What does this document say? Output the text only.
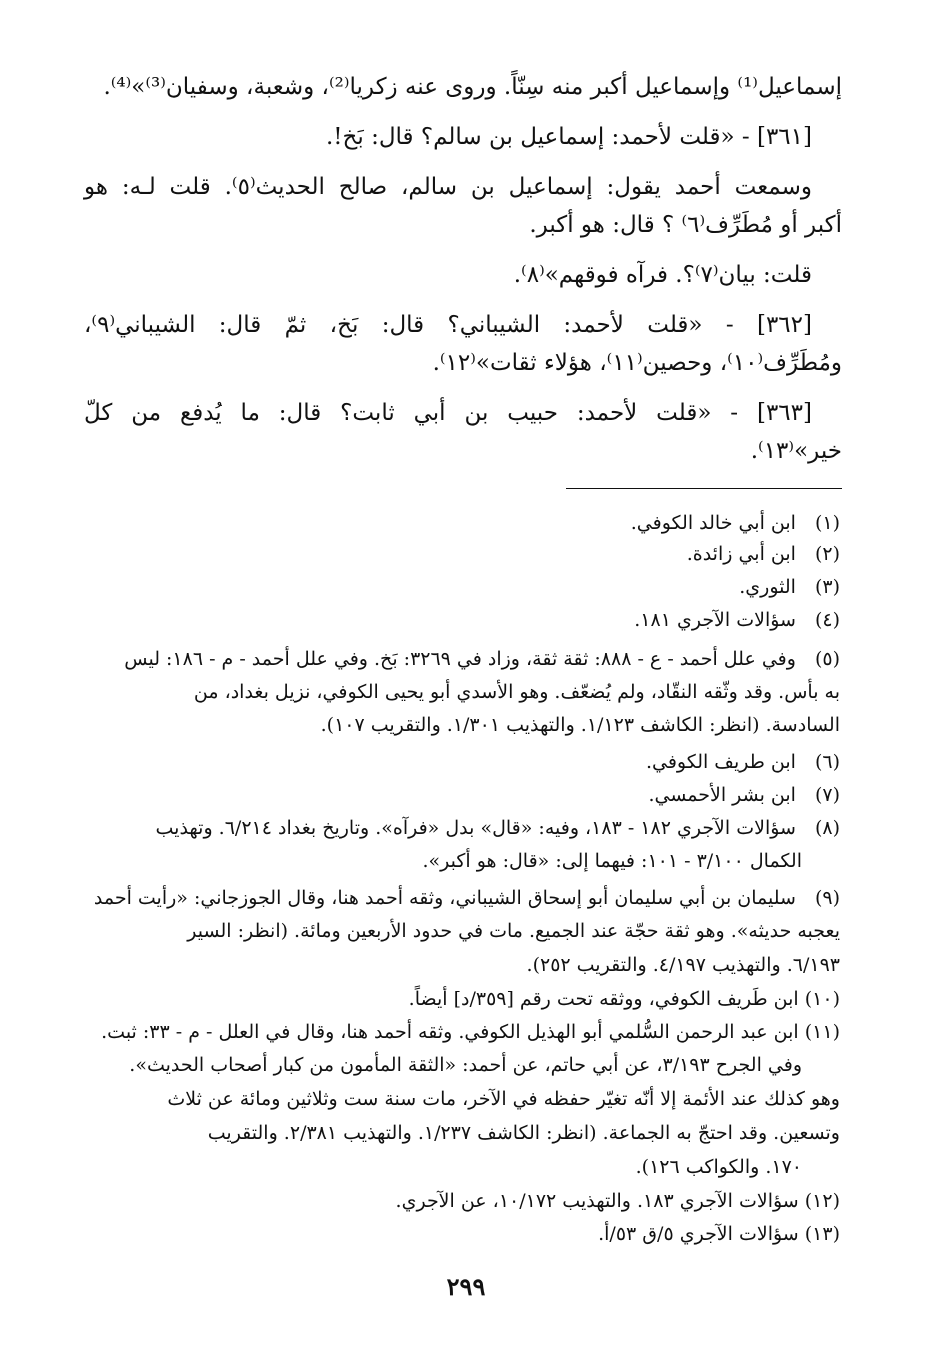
إسماعيل⁽¹⁾ وإسماعيل أكبر منه سِنّاً. وروى عنه زكريا⁽²⁾، وشعبة، وسفيان⁽³⁾»⁽⁴⁾.
[٣٦١] - «قلت لأحمد: إسماعيل بن سالم؟ قال: بَخ!.
وسمعت أحمد يقول: إسماعيل بن سالم، صالح الحديث⁽٥⁾. قلت لـه: هو
أكبر أو مُطَرِّف⁽٦⁾ ؟ قال: هو أكبر.
قلت: بيان⁽٧⁾؟. فرآه فوقهم»⁽٨⁾.
[٣٦٢] - «قلت لأحمد: الشيباني؟ قال: بَخ، ثمّ قال: الشيباني⁽٩⁾،
ومُطَرِّف⁽١٠⁾، وحصين⁽١١⁾، هؤلاء ثقات»⁽١٢⁾.
[٣٦٣] - «قلت لأحمد: حبيب بن أبي ثابت؟ قال: ما يُدفع من كلّ
خير»⁽١٣⁾.
(١) ابن أبي خالد الكوفي.
(٢) ابن أبي زائدة.
(٣) الثوري.
(٤) سؤالات الآجري ١٨١.
(٥) وفي علل أحمد - ع - ٨٨٨: ثقة ثقة، وزاد في ٣٢٦٩: بَخ. وفي علل أحمد - م - ١٨٦: ليس
به بأس. وقد وثّقه النقّاد، ولم يُضعّف. وهو الأسدي أبو يحيى الكوفي، نزيل بغداد، من
السادسة. (انظر: الكاشف ١/١٢٣. والتهذيب ١/٣٠١. والتقريب ١٠٧).
(٦) ابن طريف الكوفي.
(٧) ابن بشر الأحمسي.
(٨) سؤالات الآجري ١٨٢ - ١٨٣، وفيه: «قال» بدل «فرآه». وتاريخ بغداد ٦/٢١٤. وتهذيب
الكمال ٣/١٠٠ - ١٠١: فيهما إلى: «قال: هو أكبر».
(٩) سليمان بن أبي سليمان أبو إسحاق الشيباني، وثقه أحمد هنا، وقال الجوزجاني: «رأيت أحمد
يعجبه حديثه». وهو ثقة حجّة عند الجميع. مات في حدود الأربعين ومائة. (انظر: السير
٦/١٩٣. والتهذيب ٤/١٩٧. والتقريب ٢٥٢).
(١٠) ابن طَريف الكوفي، ووثقه تحت رقم [٣٥٩/د] أيضاً.
(١١) ابن عبد الرحمن السُّلمي أبو الهذيل الكوفي. وثقه أحمد هنا، وقال في العلل - م - ٣٣: ثبت.
وفي الجرح ٣/١٩٣، عن أبي حاتم، عن أحمد: «الثقة المأمون من كبار أصحاب الحديث».
وهو كذلك عند الأئمة إلا أنّه تغيّر حفظه في الآخر، مات سنة ست وثلاثين ومائة عن ثلاث
وتسعين. وقد احتجّ به الجماعة. (انظر: الكاشف ١/٢٣٧. والتهذيب ٢/٣٨١. والتقريب
١٧٠. والكواكب ١٢٦).
(١٢) سؤالات الآجري ١٨٣. والتهذيب ١٠/١٧٢، عن الآجري.
(١٣) سؤالات الآجري ٥/ق ٥٣/أ.
٢٩٩
